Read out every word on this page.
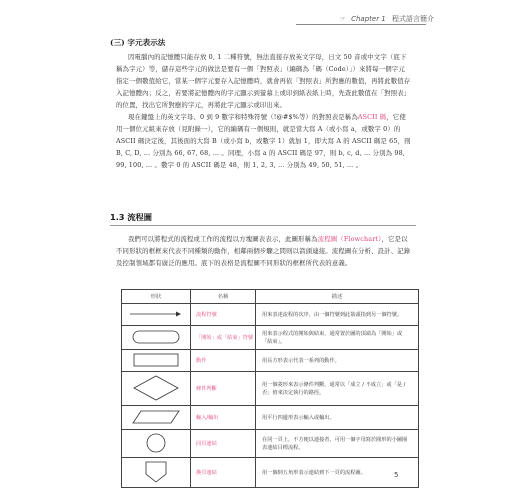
☞ Chapter 1 程式語言簡介
(三) 字元表示法

因電腦內的記憶體只能存放 0, 1 二種符號，無法直接存放英文字母，日文 50 音或中文字（底下稱為字元）等，儲存這些字元的做法是要有一個「對照表」（編碼為「碼（Code）」）來將每一個字元指定一個數值給它，當某一個字元要存入記憶體時，就會再依「對照表」所對應的數值，再將此數值存入記憶體內；反之，若要將記憶體內的字元顯示到螢幕上或印到紙表紙上時，先查此數值在「對照表」的位置，找出它所對應的字元，再將此字元顯示或印出來。

現在鍵盤上的英文字母、0 到 9 數字和特殊符號（!@#$%等）的對照表是稱為ASCII 碼，它使用一個位元組來存放（見附錄一），它的編碼有一個規則，就是當大寫 A（或小寫 a，或數字 0）的 ASCII 碼決定後，其後面的大寫 B（或小寫 b，或數字 1）就加 1，即大寫 A 的 ASCII 碼是 65，則 B, C, D, … 分別為 66, 67, 68, … 。同理，小寫 a 的 ASCII 碼是 97，則 b, c, d, … 分別為 98, 99, 100, … 。數字 0 的 ASCII 碼是 48，則 1, 2, 3, … 分別為 49, 50, 51, … 。

1.3 流程圖

我們可以將程式的流程或工作的流程以方塊圖表表示，此圖形稱為流程圖（Flowchart），它是以不同形狀的框框來代表不同種類的動作，相鄰兩個步驟之間則以箭頭連接。流程圖在分析、設計、記錄及控制領域都有廣泛的應用。底下的表格是流程圖不同形狀的框框所代表的意義。

形狀	名稱	描述
	流程符號	用來表達流程的次序，由一個符號到此箭頭指到另一個符號。
	「開始」或「結束」符號	用來表示程式的開始與結束，通常置於圖的頂端為「開始」或「結束」。
	動作	用長方形表示代表一系列的動作。
	條件判斷	用一個菱形來表示條件判斷，通常以「成立 / 不成立」或「是 / 否」值來決定執行的路徑。
	輸入/輸出	用平行四邊形表示輸入或輸出。
	同頁連結	在同一頁上，不方便以連接者，可用一個字母寫於圓形的小圖圈表連結目標流程。
	換頁連結	用一個倒五角形表示連結到下一頁的流程圖。	5
